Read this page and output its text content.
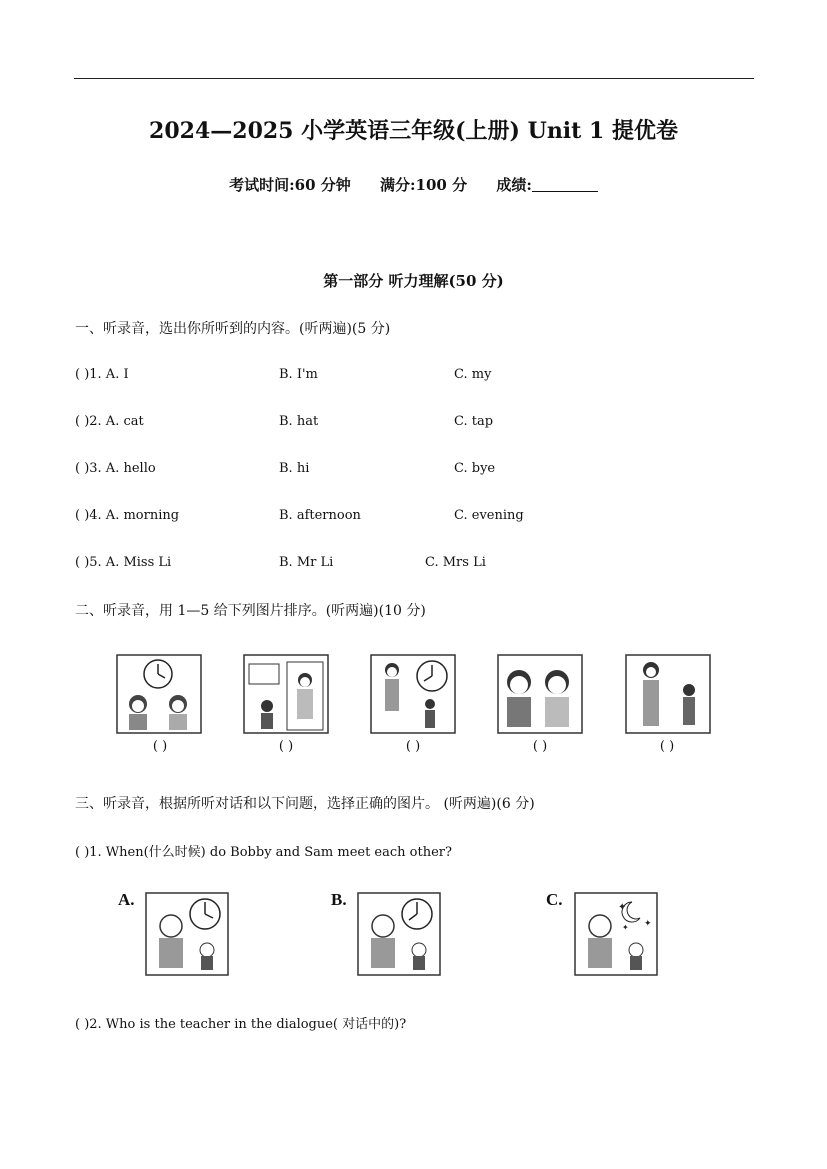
2024—2025 小学英语三年级(上册) Unit 1 提优卷
考试时间:60 分钟 满分:100 分 成绩:
第一部分 听力理解(50 分)
一、听录音，选出你所听到的内容。(听两遍)(5 分)
( )1. A. I	B. I'm	C. my
( )2. A. cat	B. hat	C. tap
( )3. A. hello	B. hi	C. bye
( )4. A. morning	B. afternoon	C. evening
( )5. A. Miss Li	B. Mr Li	C. Mrs Li
二、听录音，用 1—5 给下列图片排序。(听两遍)(10 分)
( )	( )	( )	( )	( )
三、听录音，根据所听对话和以下问题，选择正确的图片。 (听两遍)(6 分)
( )1. When(什么时候) do Bobby and Sam meet each other?
A.	B.	C.	✦
✦
✦
( )2. Who is the teacher in the dialogue( 对话中的)?
